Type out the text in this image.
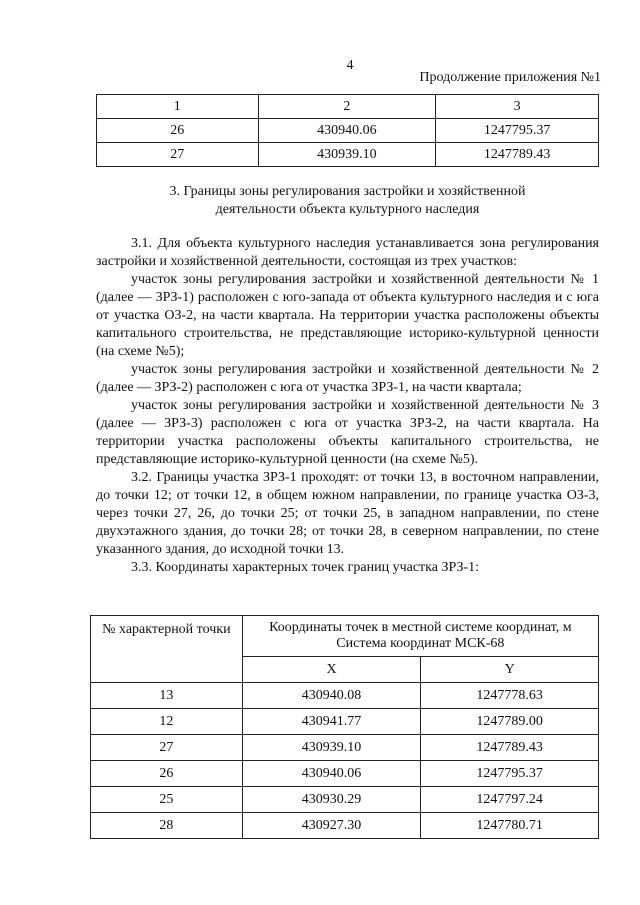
4
Продолжение приложения №1
1	2	3
26	430940.06	1247795.37
27	430939.10	1247789.43
3. Границы зоны регулирования застройки и хозяйственной
деятельности объекта культурного наследия

3.1. Для объекта культурного наследия устанавливается зона регулирования застройки и хозяйственной деятельности, состоящая из трех участков:

участок зоны регулирования застройки и хозяйственной деятельности № 1 (далее — ЗРЗ-1) расположен с юго-запада от объекта культурного наследия и с юга от участка ОЗ-2, на части квартала. На территории участка расположены объекты капитального строительства, не представляющие историко-культурной ценности (на схеме №5);

участок зоны регулирования застройки и хозяйственной деятельности № 2 (далее — ЗРЗ-2) расположен с юга от участка ЗРЗ-1, на части квартала;

участок зоны регулирования застройки и хозяйственной деятельности № 3 (далее — ЗРЗ-3) расположен с юга от участка ЗРЗ-2, на части квартала. На территории участка расположены объекты капитального строительства, не представляющие историко-культурной ценности (на схеме №5).

3.2. Границы участка ЗРЗ-1 проходят: от точки 13, в восточном направлении, до точки 12; от точки 12, в общем южном направлении, по границе участка ОЗ-3, через точки 27, 26, до точки 25; от точки 25, в западном направлении, по стене двухэтажного здания, до точки 28; от точки 28, в северном направлении, по стене указанного здания, до исходной точки 13.

3.3. Координаты характерных точек границ участка ЗРЗ-1:

№ характерной точки	Координаты точек в местной системе координат, м
Система координат МСК-68	

	X	Y
13	430940.08	1247778.63
12	430941.77	1247789.00
27	430939.10	1247789.43
26	430940.06	1247795.37
25	430930.29	1247797.24
28	430927.30	1247780.71
